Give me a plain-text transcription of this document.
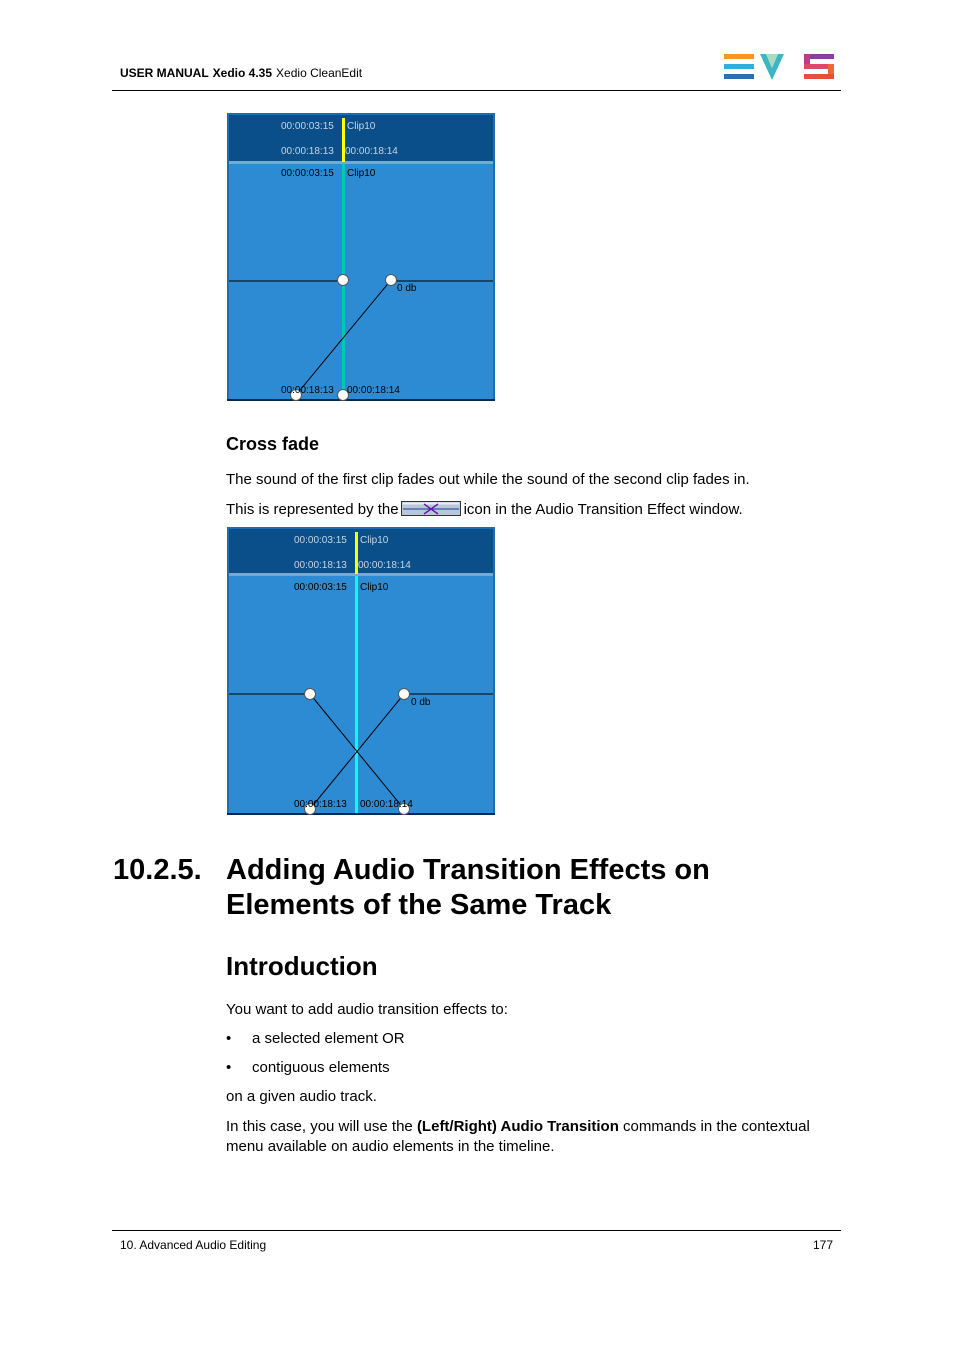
USER MANUAL Xedio 4.35 Xedio CleanEdit
00:00:03:15 Clip10
00:00:18:13 00:00:18:14
00:00:03:15 Clip10
0 db
00:00:18:13 00:00:18:14
Cross fade
The sound of the first clip fades out while the sound of the second clip fades in.
This is represented by the	icon in the Audio Transition Effect window.
00:00:03:15 Clip10
00:00:18:13 00:00:18:14
00:00:03:15 Clip10
0 db
00:00:18:13 00:00:18:14
10.2.5. Adding Audio Transition Effects on Elements of the Same Track
Introduction
You want to add audio transition effects to:
• a selected element OR
• contiguous elements
on a given audio track.
In this case, you will use the (Left/Right) Audio Transition commands in the contextual menu available on audio elements in the timeline.
10. Advanced Audio Editing	177
